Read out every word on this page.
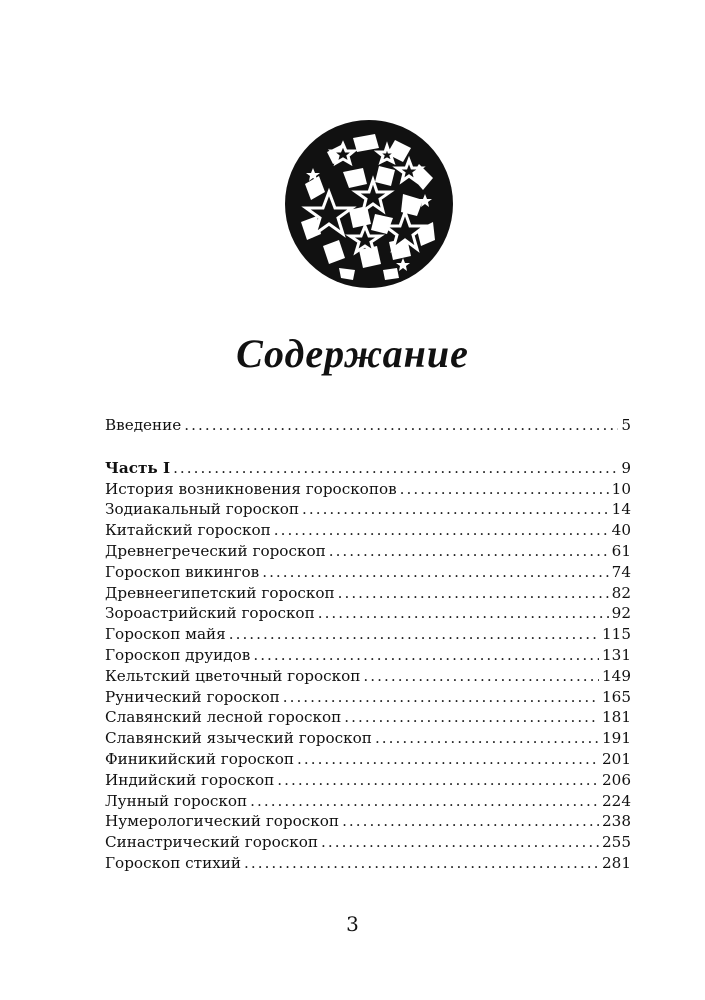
Содержание
Введение . . .	5
Часть I . . .	9
История возникновения гороскопов . . .	10
Зодиакальный гороскоп . . .	14
Китайский гороскоп . . .	40
Древнегреческий гороскоп . . .	61
Гороскоп викингов . . .	74
Древнеегипетский гороскоп . . .	82
Зороастрийский гороскоп . . .	92
Гороскоп майя . . .	115
Гороскоп друидов . . .	131
Кельтский цветочный гороскоп . . .	149
Рунический гороскоп . . .	165
Славянский лесной гороскоп . . .	181
Славянский языческий гороскоп . . .	191
Финикийский гороскоп . . .	201
Индийский гороскоп . . .	206
Лунный гороскоп . . .	224
Нумерологический гороскоп . . .	238
Синастрический гороскоп . . .	255
Гороскоп стихий . . .	281
3
